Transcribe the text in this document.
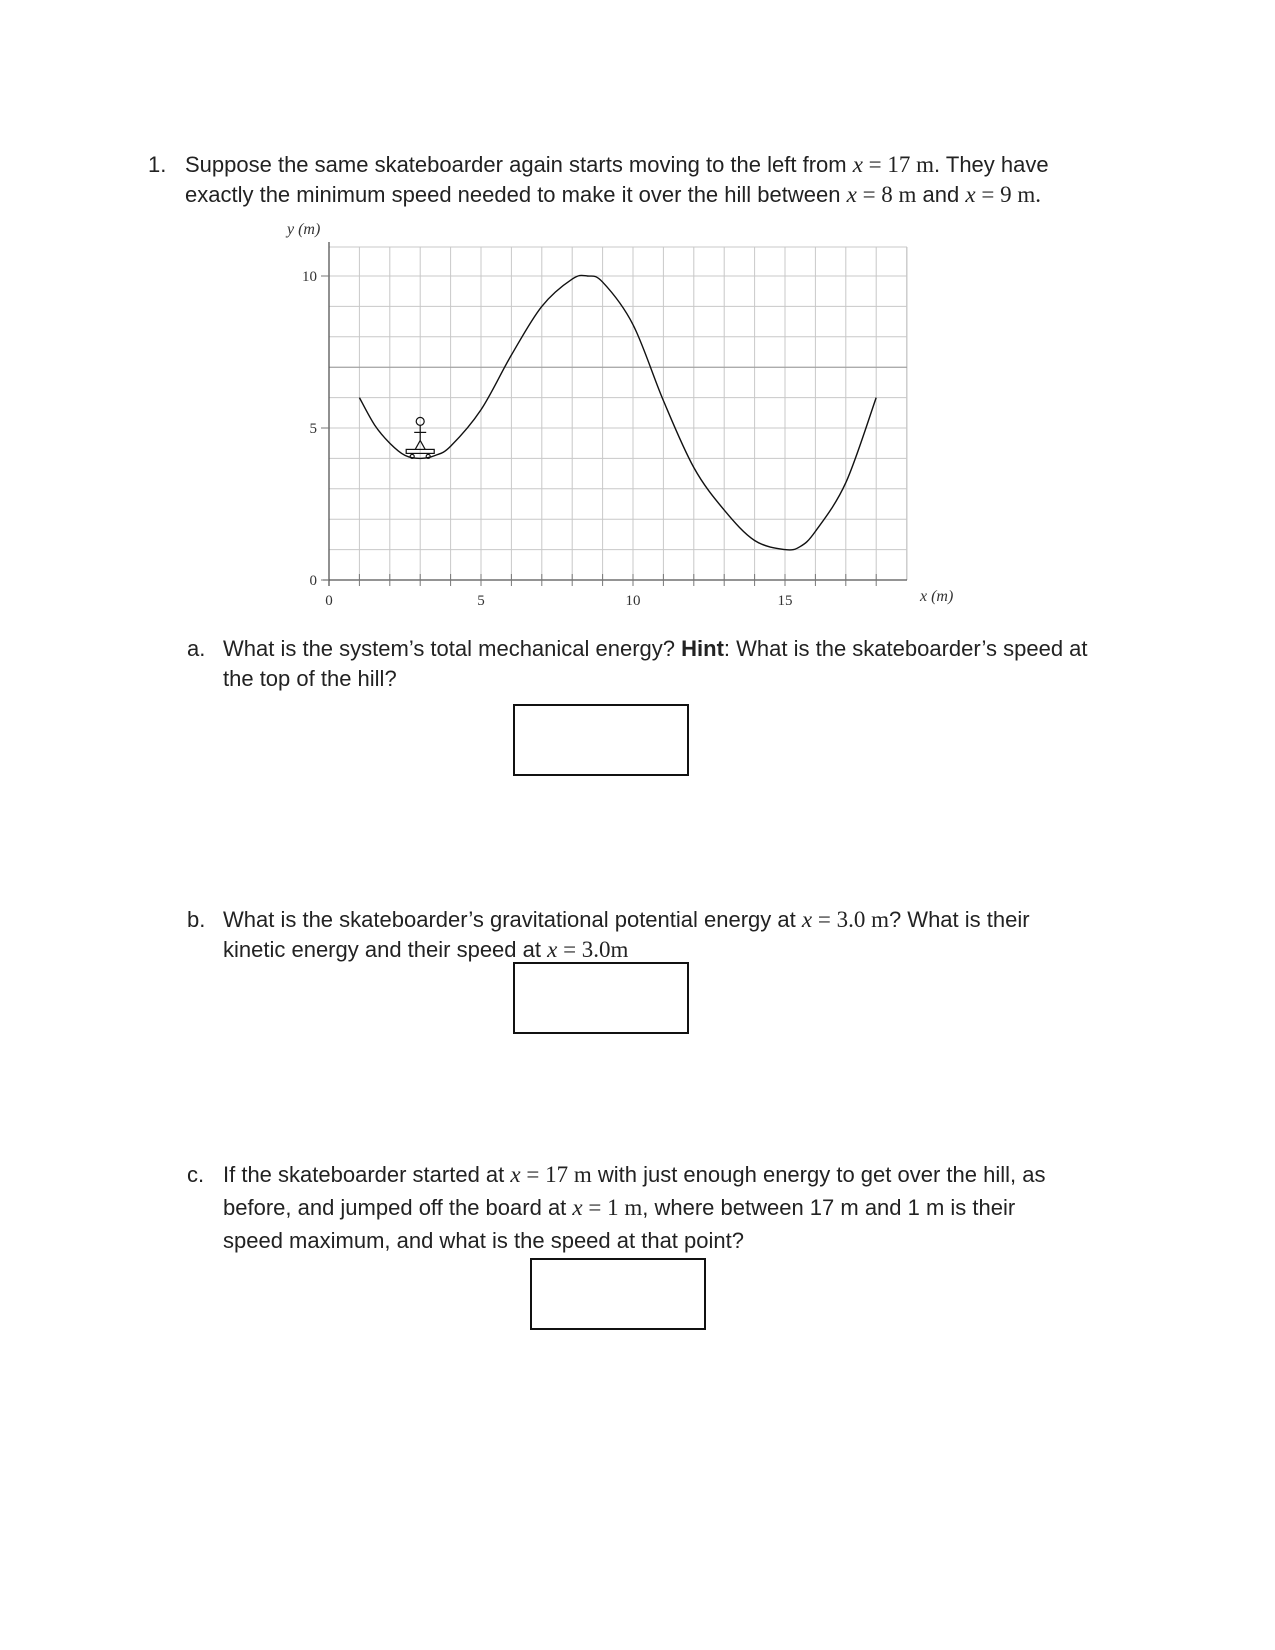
1. Suppose the same skateboarder again starts moving to the left from x = 17 m. They have
exactly the minimum speed needed to make it over the hill between x = 8 m and x = 9 m.
0	5	10	15
0
5
10
x (m)
y (m)
a. What is the system’s total mechanical energy? Hint: What is the skateboarder’s speed at
the top of the hill?
b. What is the skateboarder’s gravitational potential energy at x = 3.0 m? What is their
kinetic energy and their speed at x = 3.0m
c. If the skateboarder started at x = 17 m with just enough energy to get over the hill, as
before, and jumped off the board at x = 1 m, where between 17 m and 1 m is their
speed maximum, and what is the speed at that point?
